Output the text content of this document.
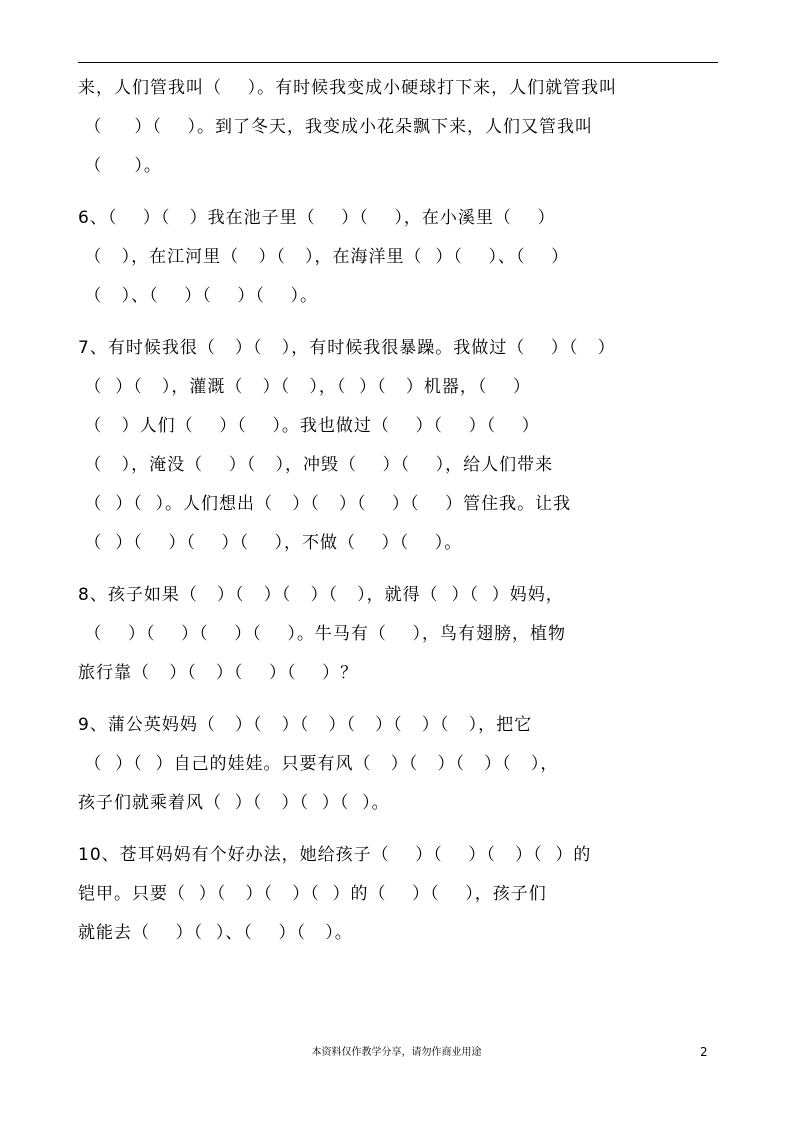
来，人们管我叫（    ）。有时候我变成小硬球打下来，人们就管我叫
（     ）（    ）。到了冬天，我变成小花朵飘下来，人们又管我叫
（     ）。
6、（    ）（   ）我在池子里（    ）（    ），在小溪里（    ）
（   ），在江河里（   ）（   ），在海洋里（  ）（    ）、（    ）
（   ）、（    ）（    ）（    ）。
7、有时候我很（   ）（   ），有时候我很暴躁。我做过（    ）（   ）
（  ）（   ），灌溉（   ）（   ），（  ）（   ）机器，（    ）
（   ）人们（    ）（    ）。我也做过（    ）（    ）（    ）
（   ），淹没（    ）（   ），冲毁（    ）（    ），给人们带来
（  ）（  ）。人们想出（   ）（   ）（    ）（    ）管住我。让我
（  ）（    ）（    ）（    ），不做（    ）（    ）。
8、孩子如果（   ）（   ）（   ）（   ），就得（  ）（  ）妈妈，
（    ）（    ）（    ）（    ）。牛马有（    ），鸟有翅膀，植物
旅行靠（   ）（   ）（    ）（    ）？
9、蒲公英妈妈（   ）（   ）（   ）（   ）（   ）（   ），把它
（  ）（  ）自己的娃娃。只要有风（   ）（   ）（   ）（   ），
孩子们就乘着风（  ）（   ）（  ）（  ）。
10、苍耳妈妈有个好办法，她给孩子（    ）（    ）（   ）（  ）的
铠甲。只要（  ）（   ）（   ）（  ）的（    ）（    ），孩子们
就能去（    ）（  ）、（    ）（   ）。
本资料仅作教学分享，请勿作商业用途	2
